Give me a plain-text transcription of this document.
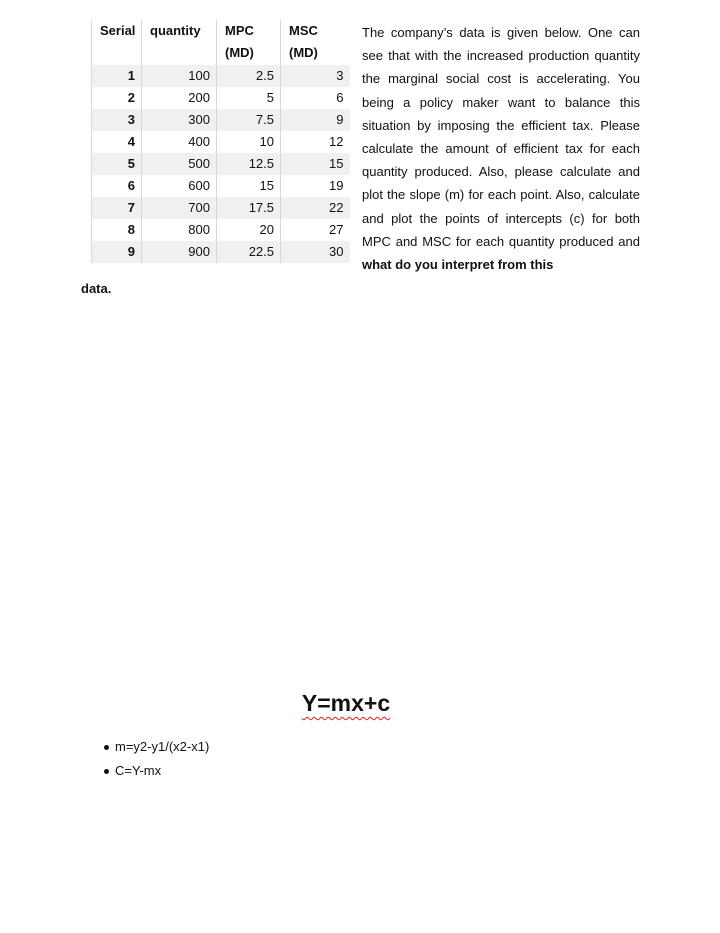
Serial	quantity	MPC (MD)	MSC (MD)
1	100	2.5	3
2	200	5	6
3	300	7.5	9
4	400	10	12
5	500	12.5	15
6	600	15	19
7	700	17.5	22
8	800	20	27
9	900	22.5	30

The company’s data is given below. One can see that with the increased production quantity the marginal social cost is accelerating. You being a policy maker want to balance this situation by imposing the efficient tax. Please calculate the amount of efficient tax for each quantity produced. Also, please calculate and plot the slope (m) for each point. Also, calculate and plot the points of intercepts (c) for both MPC and MSC for each quantity produced and what do you interpret from this

data.

Y=mx+c

m=y2-y1/(x2-x1)
C=Y-mx
